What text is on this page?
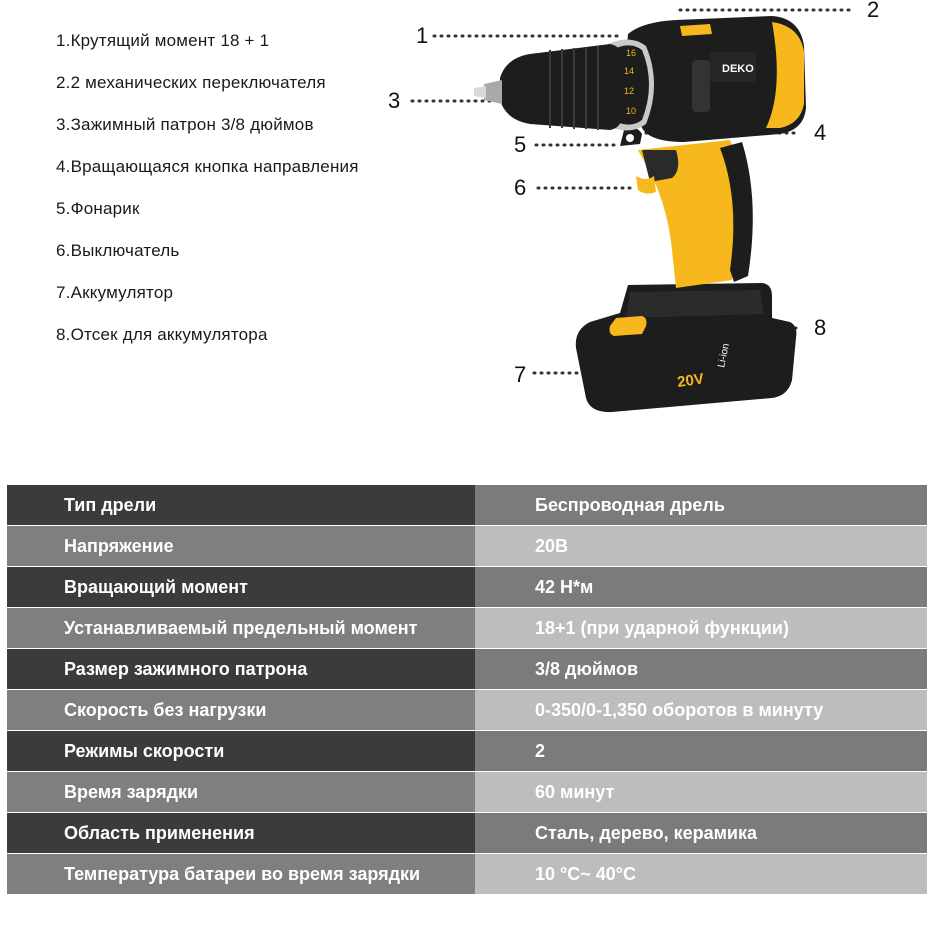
1.Крутящий момент 18 + 1
2.2 механических переключателя
3.Зажимный патрон 3/8 дюймов
4.Вращающаяся кнопка направления
5.Фонарик
6.Выключатель
7.Аккумулятор
8.Отсек для аккумулятора
20V
Li-ion
DEKO
10
12
14
16
1
2
3
4
5
6
7
8
Тип дрели	Беспроводная дрель
Напряжение	20В
Вращающий момент	42 Н*м
Устанавливаемый предельный момент	18+1 (при ударной функции)
Размер зажимного патрона	3/8 дюймов
Скорость без нагрузки	0-350/0-1,350 оборотов в минуту
Режимы скорости	2
Время зарядки	60 минут
Область применения	Сталь, дерево, керамика
Температура батареи во время зарядки	10 °C~ 40°C
